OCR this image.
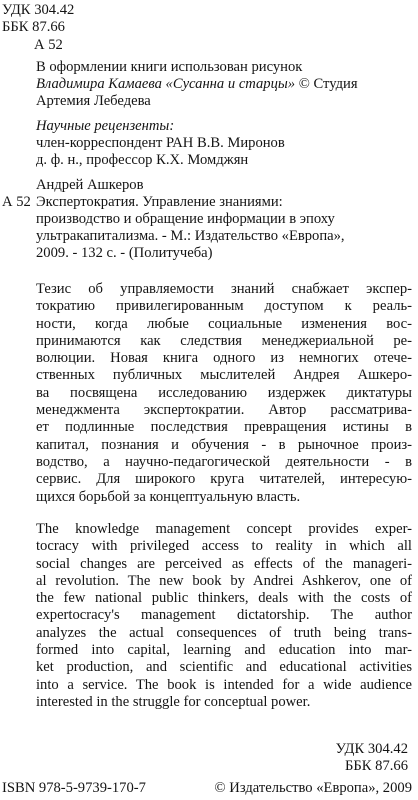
УДК 304.42
ББК 87.66
А 52
В оформлении книги использован рисунок
Владимира Камаева «Сусанна и старцы» © Студия
Артемия Лебедева
Научные рецензенты:
член-корреспондент РАН В.В. Миронов
д. ф. н., профессор К.Х. Момджян
Андрей Ашкеров
А 52 Экспертократия. Управление знаниями:
производство и обращение информации в эпоху
ультракапитализма. - М.: Издательство «Европа»,
2009. - 132 с. - (Политучеба)
Тезис об управляемости знаний снабжает экспер-
тократию привилегированным доступом к реаль-
ности, когда любые социальные изменения вос-
принимаются как следствия менеджериальной ре-
волюции. Новая книга одного из немногих отече-
ственных публичных мыслителей Андрея Ашкеро-
ва посвящена исследованию издержек диктатуры
менеджмента экспертократии. Автор рассматрива-
ет подлинные последствия превращения истины в
капитал, познания и обучения - в рыночное произ-
водство, а научно-педагогической деятельности - в
сервис. Для широкого круга читателей, интересую-
щихся борьбой за концептуальную власть.
The knowledge management concept provides exper-
tocracy with privileged access to reality in which all
social changes are perceived as effects of the manageri-
al revolution. The new book by Andrei Ashkerov, one of
the few national public thinkers, deals with the costs of
expertocracy's management dictatorship. The author
analyzes the actual consequences of truth being trans-
formed into capital, learning and education into mar-
ket production, and scientific and educational activities
into a service. The book is intended for a wide audience
interested in the struggle for conceptual power.
УДК 304.42
ББК 87.66
ISBN 978-5-9739-170-7	© Издательство «Европа», 2009
